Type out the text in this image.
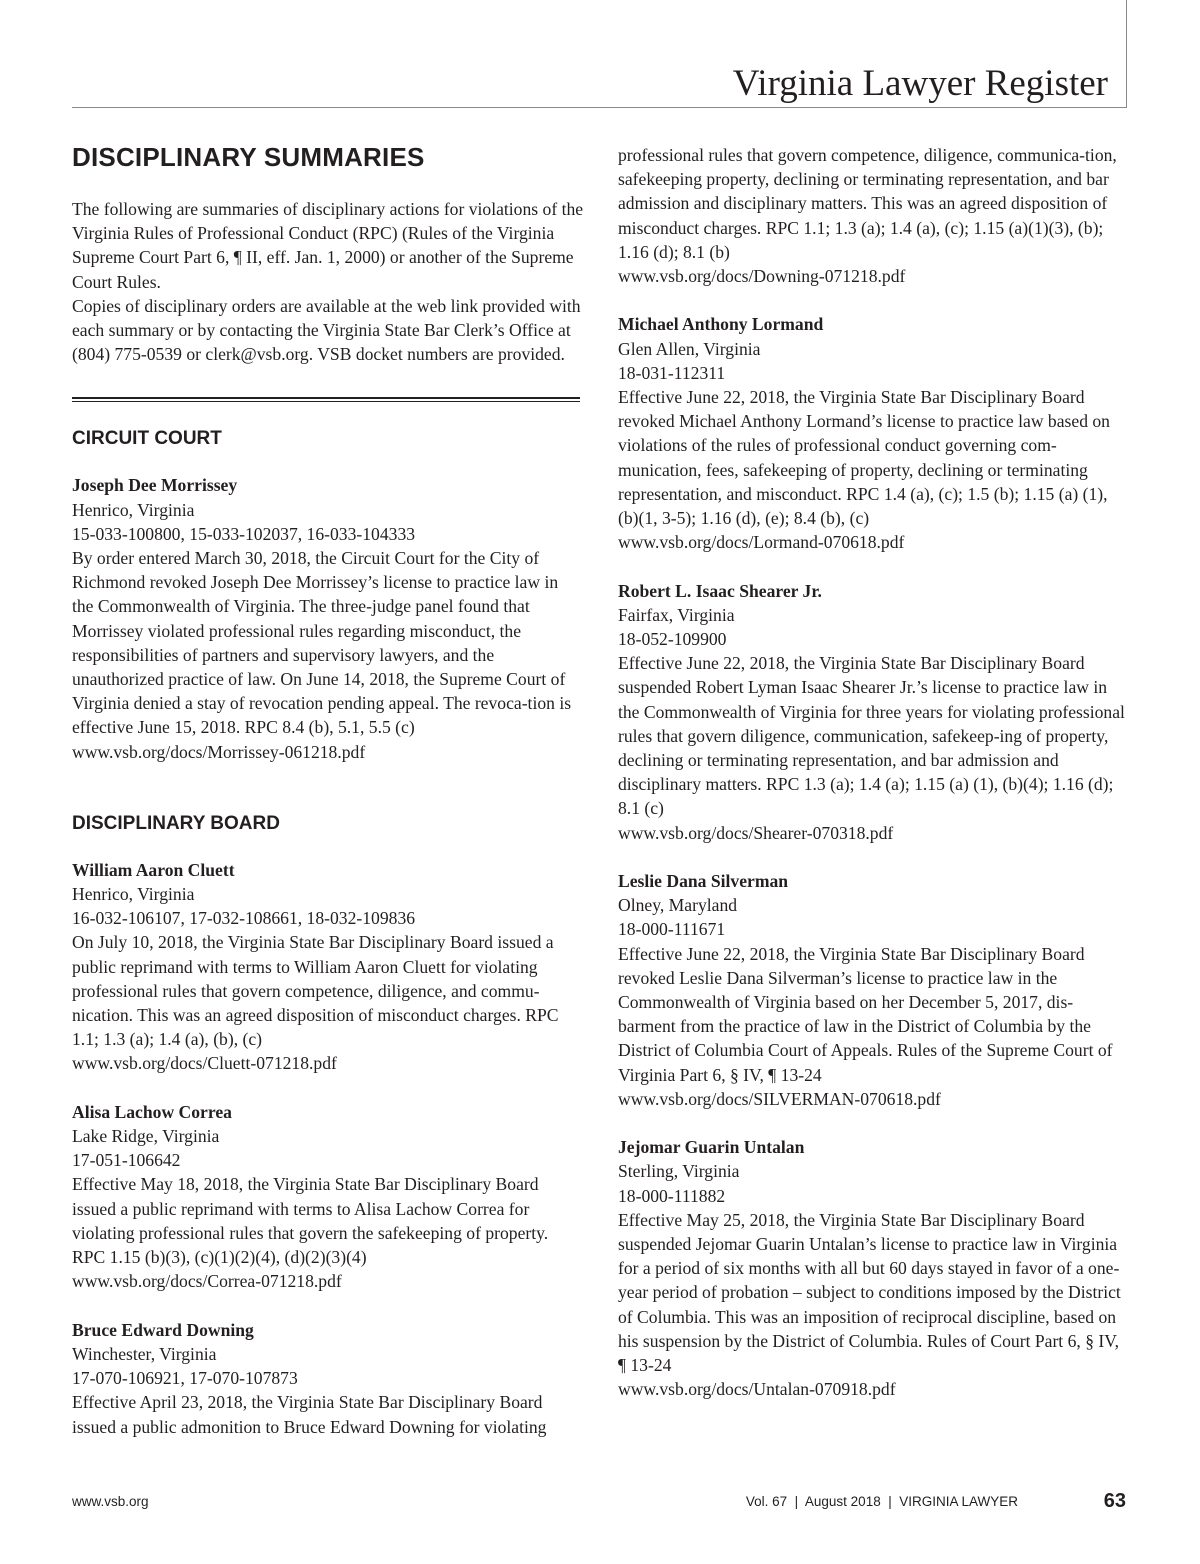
Virginia Lawyer Register
DISCIPLINARY SUMMARIES

The following are summaries of disciplinary actions for violations of the Virginia Rules of Professional Conduct (RPC) (Rules of the Virginia Supreme Court Part 6, ¶ II, eff. Jan. 1, 2000) or another of the Supreme Court Rules.

Copies of disciplinary orders are available at the web link provided with each summary or by contacting the Virginia State Bar Clerk’s Office at (804) 775-0539 or clerk@vsb.org. VSB docket numbers are provided.

CIRCUIT COURT

Joseph Dee Morrissey

Henrico, Virginia

15-033-100800, 15-033-102037, 16-033-104333

By order entered March 30, 2018, the Circuit Court for the City of Richmond revoked Joseph Dee Morrissey’s license to practice law in the Commonwealth of Virginia. The three-judge panel found that Morrissey violated professional rules regarding misconduct, the responsibilities of partners and supervisory lawyers, and the unauthorized practice of law. On June 14, 2018, the Supreme Court of Virginia denied a stay of revocation pending appeal. The revoca-tion is effective June 15, 2018. RPC 8.4 (b), 5.1, 5.5 (c)

www.vsb.org/docs/Morrissey-061218.pdf

DISCIPLINARY BOARD

William Aaron Cluett

Henrico, Virginia

16-032-106107, 17-032-108661, 18-032-109836

On July 10, 2018, the Virginia State Bar Disciplinary Board issued a public reprimand with terms to William Aaron Cluett for violating professional rules that govern competence, diligence, and commu-nication. This was an agreed disposition of misconduct charges. RPC 1.1; 1.3 (a); 1.4 (a), (b), (c)

www.vsb.org/docs/Cluett-071218.pdf

Alisa Lachow Correa

Lake Ridge, Virginia

17-051-106642

Effective May 18, 2018, the Virginia State Bar Disciplinary Board issued a public reprimand with terms to Alisa Lachow Correa for violating professional rules that govern the safekeeping of property. RPC 1.15 (b)(3), (c)(1)(2)(4), (d)(2)(3)(4)

www.vsb.org/docs/Correa-071218.pdf

Bruce Edward Downing

Winchester, Virginia

17-070-106921, 17-070-107873

Effective April 23, 2018, the Virginia State Bar Disciplinary Board issued a public admonition to Bruce Edward Downing for violating

professional rules that govern competence, diligence, communica-tion, safekeeping property, declining or terminating representation, and bar admission and disciplinary matters. This was an agreed disposition of misconduct charges. RPC 1.1; 1.3 (a); 1.4 (a), (c); 1.15 (a)(1)(3), (b); 1.16 (d); 8.1 (b)

www.vsb.org/docs/Downing-071218.pdf

Michael Anthony Lormand

Glen Allen, Virginia

18-031-112311

Effective June 22, 2018, the Virginia State Bar Disciplinary Board revoked Michael Anthony Lormand’s license to practice law based on violations of the rules of professional conduct governing com-munication, fees, safekeeping of property, declining or terminating representation, and misconduct. RPC 1.4 (a), (c); 1.5 (b); 1.15 (a) (1), (b)(1, 3-5); 1.16 (d), (e); 8.4 (b), (c)

www.vsb.org/docs/Lormand-070618.pdf

Robert L. Isaac Shearer Jr.

Fairfax, Virginia

18-052-109900

Effective June 22, 2018, the Virginia State Bar Disciplinary Board suspended Robert Lyman Isaac Shearer Jr.’s license to practice law in the Commonwealth of Virginia for three years for violating professional rules that govern diligence, communication, safekeep-ing of property, declining or terminating representation, and bar admission and disciplinary matters. RPC 1.3 (a); 1.4 (a); 1.15 (a) (1), (b)(4); 1.16 (d); 8.1 (c)

www.vsb.org/docs/Shearer-070318.pdf

Leslie Dana Silverman

Olney, Maryland

18-000-111671

Effective June 22, 2018, the Virginia State Bar Disciplinary Board revoked Leslie Dana Silverman’s license to practice law in the Commonwealth of Virginia based on her December 5, 2017, dis-barment from the practice of law in the District of Columbia by the District of Columbia Court of Appeals. Rules of the Supreme Court of Virginia Part 6, § IV, ¶ 13-24

www.vsb.org/docs/SILVERMAN-070618.pdf

Jejomar Guarin Untalan

Sterling, Virginia

18-000-111882

Effective May 25, 2018, the Virginia State Bar Disciplinary Board suspended Jejomar Guarin Untalan’s license to practice law in Virginia for a period of six months with all but 60 days stayed in favor of a one-year period of probation – subject to conditions imposed by the District of Columbia. This was an imposition of reciprocal discipline, based on his suspension by the District of Columbia. Rules of Court Part 6, § IV, ¶ 13-24

www.vsb.org/docs/Untalan-070918.pdf

www.vsb.org	Vol. 67  |  August 2018  |  VIRGINIA LAWYER	63
